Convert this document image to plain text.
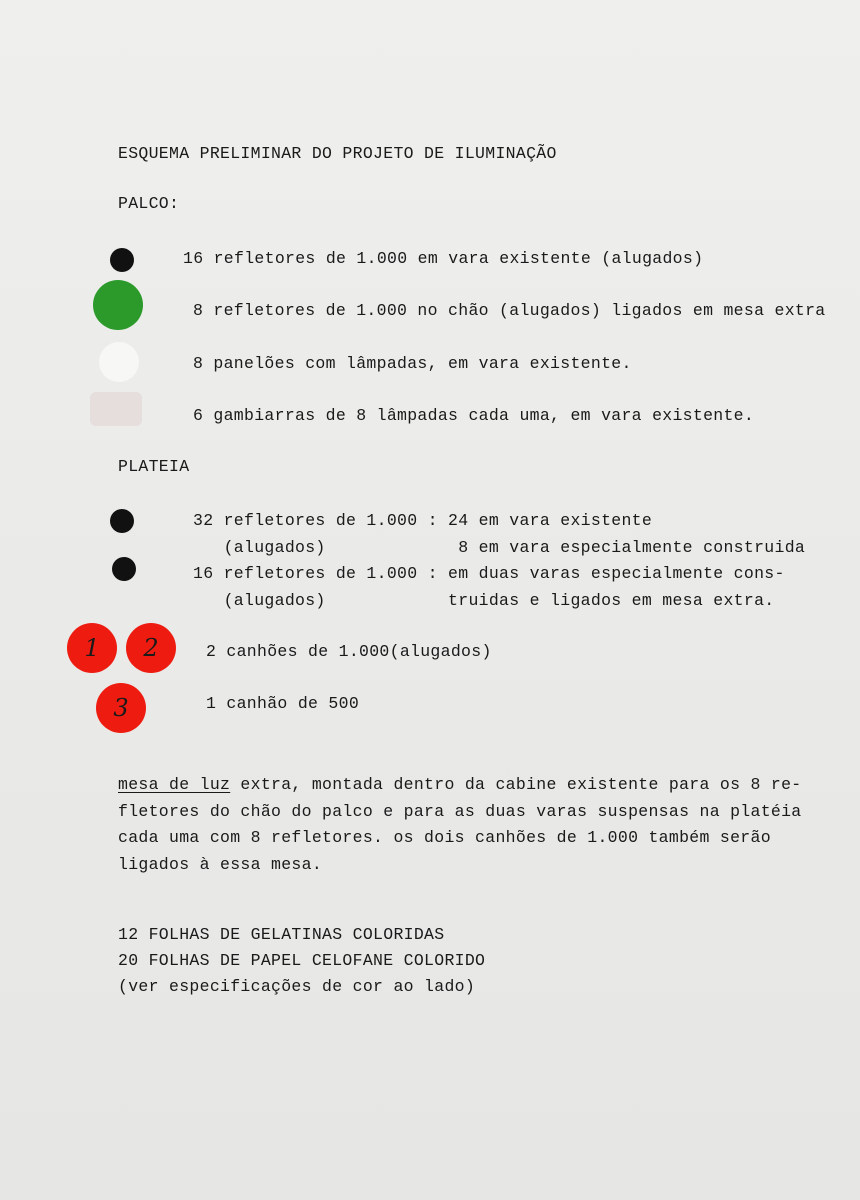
ESQUEMA PRELIMINAR DO PROJETO DE ILUMINAÇÃO
PALCO:
16 refletores de 1.000 em vara existente (alugados)
8 refletores de 1.000 no chão (alugados) ligados em mesa extra
8 panelões com lâmpadas, em vara existente.
6 gambiarras de 8 lâmpadas cada uma, em vara existente.
PLATEIA
32 refletores de 1.000 : 24 em vara existente
(alugados)             8 em vara especialmente construida
16 refletores de 1.000 : em duas varas especialmente cons-
(alugados)            truidas e ligados em mesa extra.
1	2	2 canhões de 1.000(alugados)
3	1 canhão de 500
mesa de luz extra, montada dentro da cabine existente para os 8 re-
fletores do chão do palco e para as duas varas suspensas na platéia
cada uma com 8 refletores. os dois canhões de 1.000 também serão
ligados à essa mesa.
12 FOLHAS DE GELATINAS COLORIDAS
20 FOLHAS DE PAPEL CELOFANE COLORIDO
(ver especificações de cor ao lado)
